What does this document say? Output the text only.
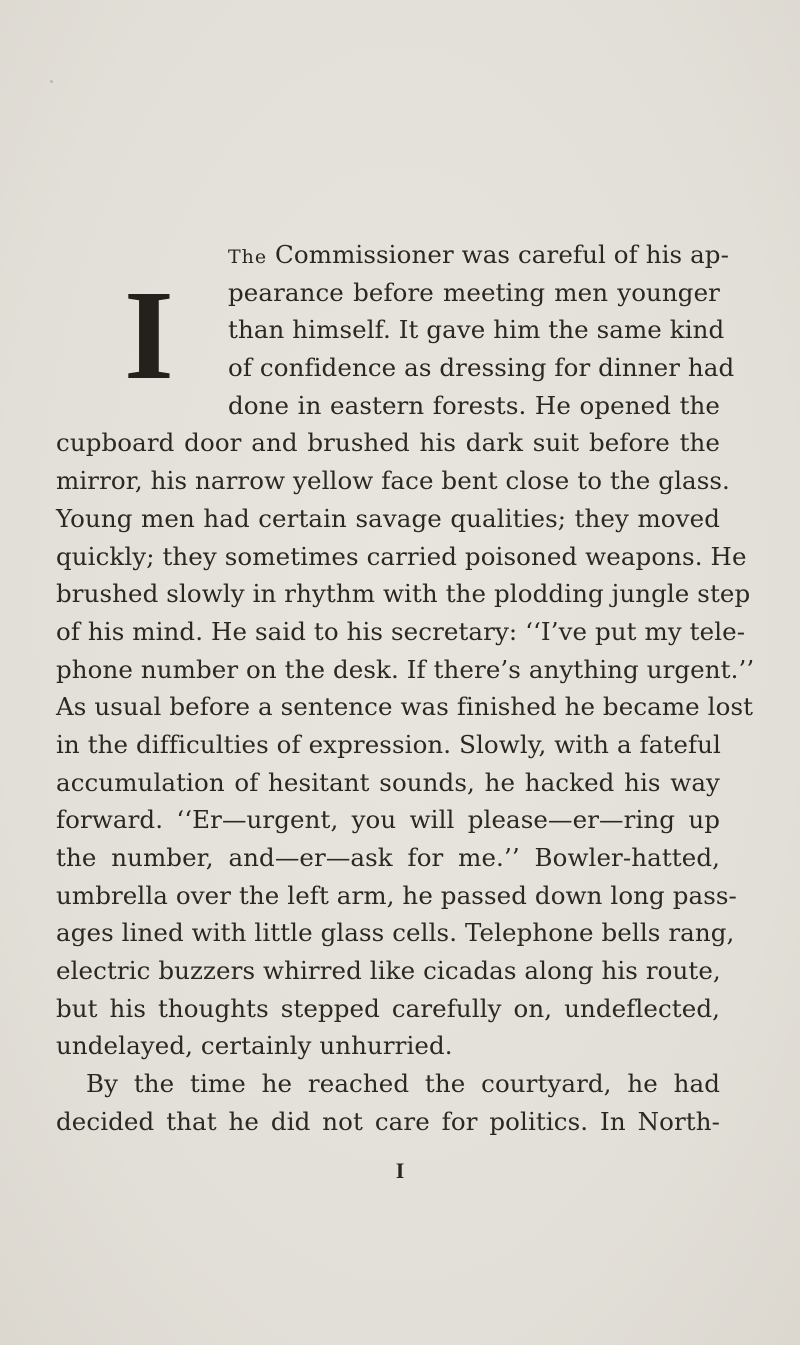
I
The Commissioner was careful of his ap-
pearance before meeting men younger
than himself. It gave him the same kind
of confidence as dressing for dinner had
done in eastern forests. He opened the
cupboard door and brushed his dark suit before the
mirror, his narrow yellow face bent close to the glass.
Young men had certain savage qualities; they moved
quickly; they sometimes carried poisoned weapons. He
brushed slowly in rhythm with the plodding jungle step
of his mind. He said to his secretary: ‘‘I’ve put my tele-
phone number on the desk. If there’s anything urgent.’’
As usual before a sentence was finished he became lost
in the difficulties of expression. Slowly, with a fateful
accumulation of hesitant sounds, he hacked his way
forward. ‘‘Er—urgent, you will please—er—ring up
the number, and—er—ask for me.’’ Bowler-hatted,
umbrella over the left arm, he passed down long pass-
ages lined with little glass cells. Telephone bells rang,
electric buzzers whirred like cicadas along his route,
but his thoughts stepped carefully on, undeflected,
undelayed, certainly unhurried.
By the time he reached the courtyard, he had
decided that he did not care for politics. In North-
I
